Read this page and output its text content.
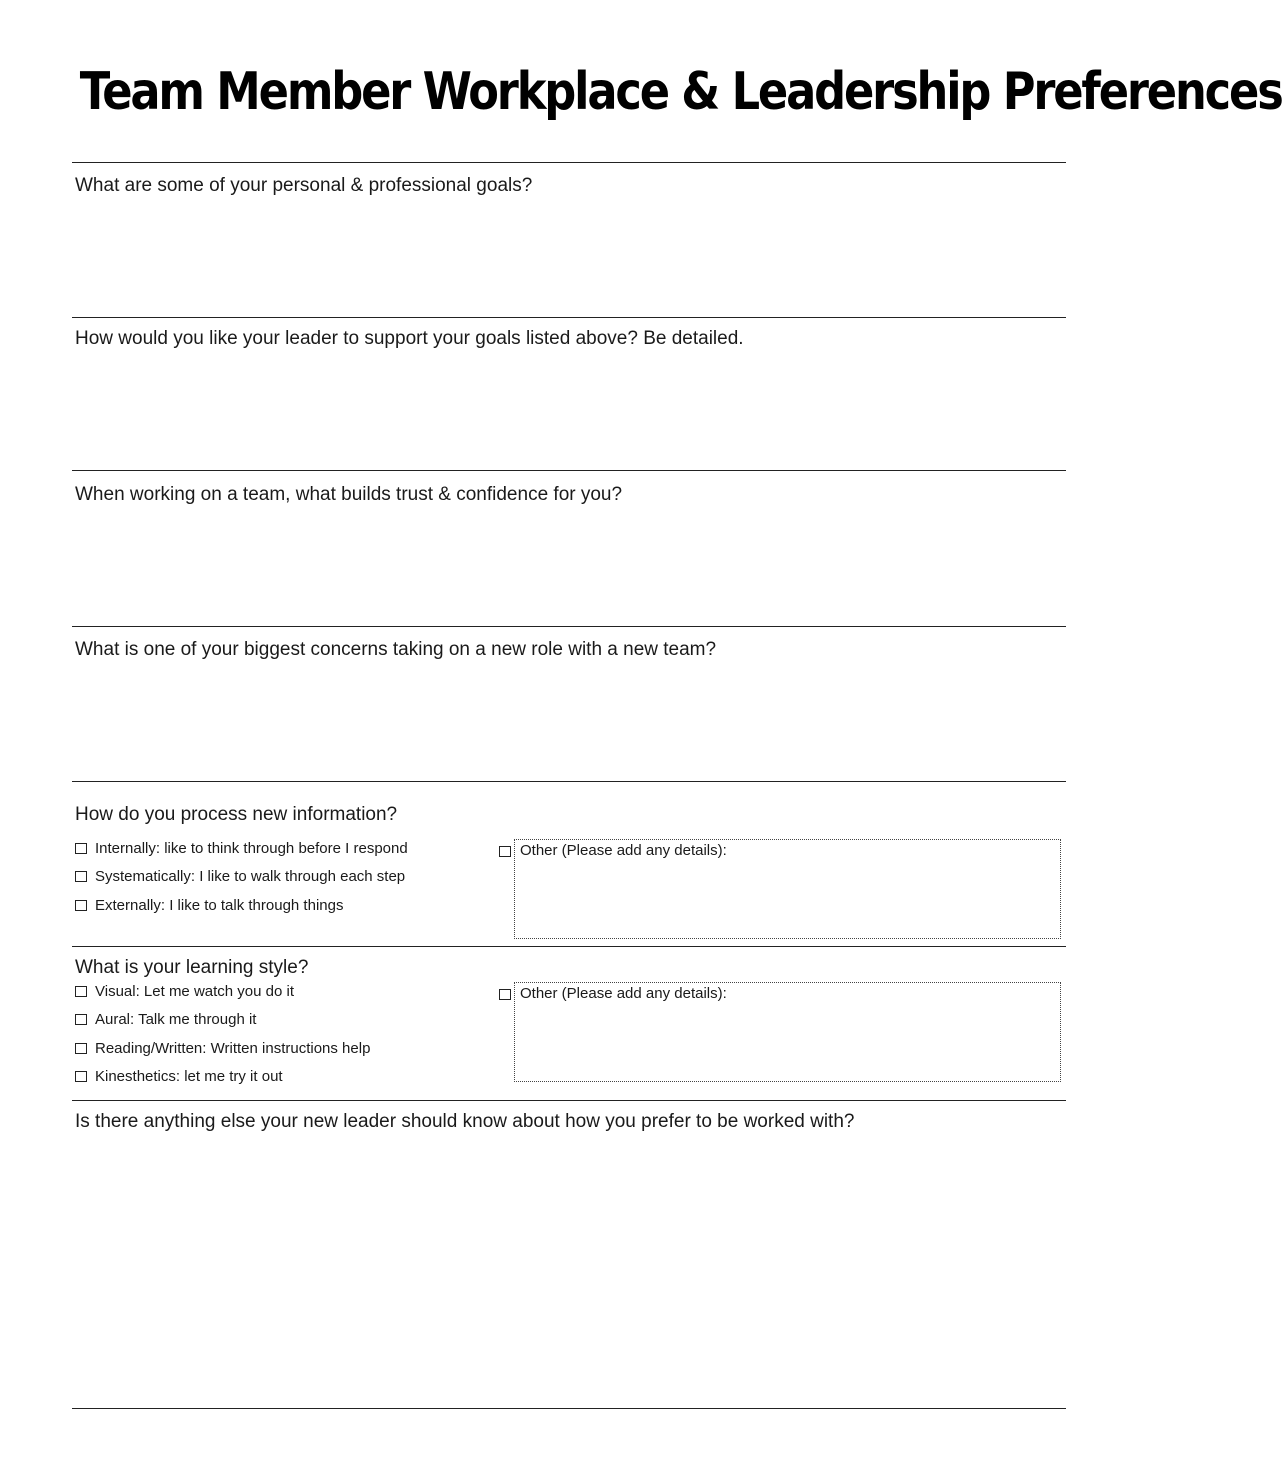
Team Member Workplace & Leadership Preferences
What are some of your personal & professional goals?
How would you like your leader to support your goals listed above? Be detailed.
When working on a team, what builds trust & confidence for you?
What is one of your biggest concerns taking on a new role with a new team?
How do you process new information?
Internally: like to think through before I respond
Systematically: I like to walk through each step
Externally: I like to talk through things
Other (Please add any details):
What is your learning style?
Visual: Let me watch you do it
Aural: Talk me through it
Reading/Written: Written instructions help
Kinesthetics: let me try it out
Other (Please add any details):
Is there anything else your new leader should know about how you prefer to be worked with?
